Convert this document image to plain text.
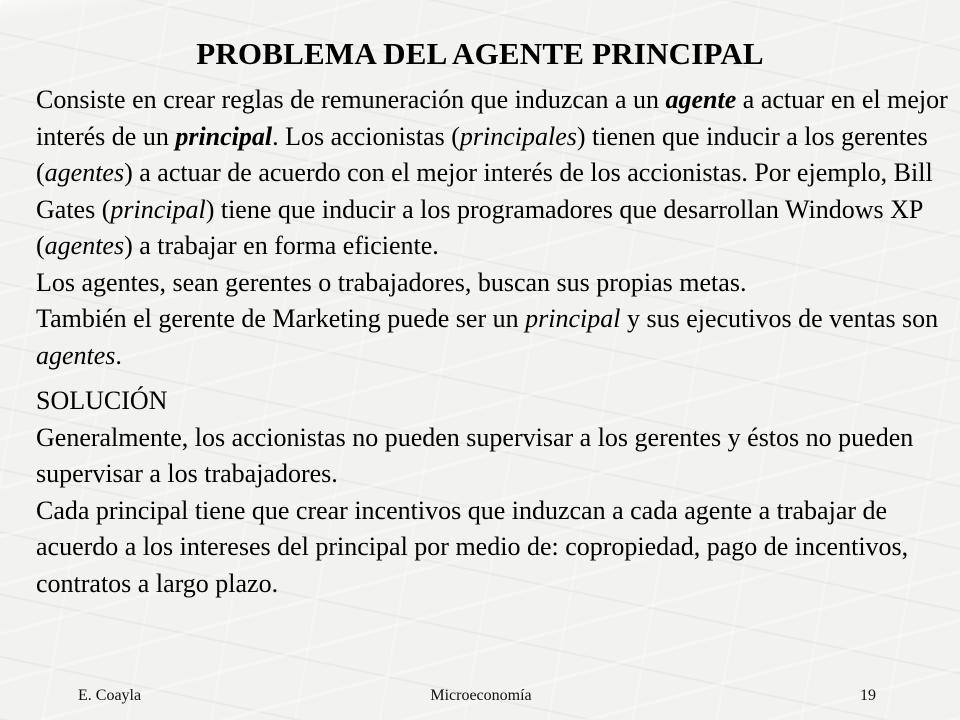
PROBLEMA DEL AGENTE PRINCIPAL

Consiste en crear reglas de remuneración que induzcan a un agente a actuar en el mejor interés de un principal. Los accionistas (principales) tienen que inducir a los gerentes (agentes) a actuar de acuerdo con el mejor interés de los accionistas. Por ejemplo, Bill Gates (principal) tiene que inducir a los programadores que desarrollan Windows XP (agentes) a trabajar en forma eficiente.

Los agentes, sean gerentes o trabajadores, buscan sus propias metas.

También el gerente de Marketing puede ser un principal y sus ejecutivos de ventas son agentes.

SOLUCIÓN

Generalmente, los accionistas no pueden supervisar a los gerentes y éstos no pueden supervisar a los trabajadores.

Cada principal tiene que crear incentivos que induzcan a cada agente a trabajar de acuerdo a los intereses del principal por medio de: copropiedad, pago de incentivos, contratos a largo plazo.

E. Coayla	Microeconomía	19
